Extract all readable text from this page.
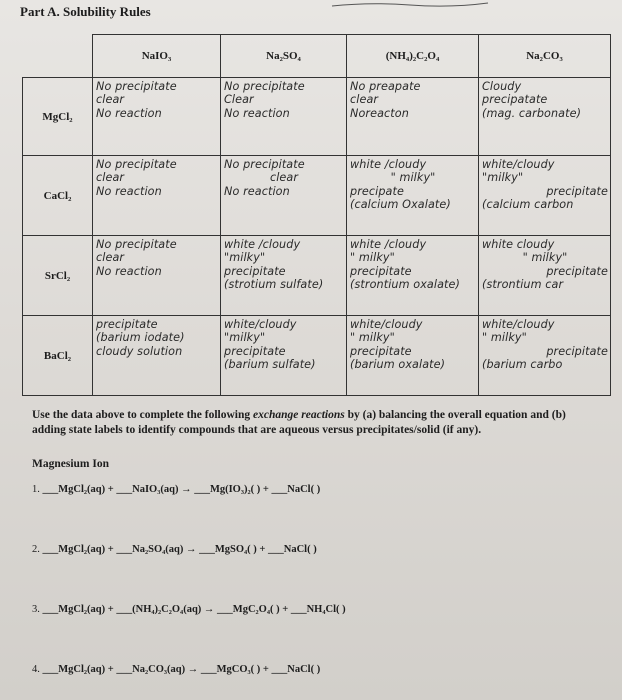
Part A. Solubility Rules
	NaIO₃	Na₂SO₄	(NH₄)₂C₂O₄	Na₂CO₃
MgCl₂	No precipitate
clear
No reaction	No precipitate
Clear
No reaction	No preapate
clear
Noreacton	Cloudy
precipatate
(mag. carbonate)

CaCl₂	No precipitate
clear
No reaction	No precipitate
clear
No reaction	white /cloudy
" milky"
precipate
(calcium Oxalate)	white/cloudy
"milky"
precipitate
(calcium carbon

SrCl₂	No precipitate
clear
No reaction	white /cloudy
"milky"
precipitate
(strotium sulfate)	white /cloudy
" milky"
precipitate
(strontium oxalate)	white cloudy
" milky"
precipitate
(strontium car

BaCl₂	precipitate
(barium iodate)
cloudy solution	white/cloudy
"milky"
precipitate
(barium sulfate)	white/cloudy
" milky"
precipitate
(barium oxalate)	white/cloudy
" milky"
precipitate
(barium carbo
Use the data above to complete the following exchange reactions by (a) balancing the overall equation and (b) adding state labels to identify compounds that are aqueous versus precipitates/solid (if any).
Magnesium Ion
1. ___MgCl₂(aq) + ___NaIO₃(aq) → ___Mg(IO₃)₂( ) + ___NaCl( )
2. ___MgCl₂(aq) + ___Na₂SO₄(aq) → ___MgSO₄( ) + ___NaCl( )
3. ___MgCl₂(aq) + ___(NH₄)₂C₂O₄(aq) → ___MgC₂O₄( ) + ___NH₄Cl( )
4. ___MgCl₂(aq) + ___Na₂CO₃(aq) → ___MgCO₃( ) + ___NaCl( )
